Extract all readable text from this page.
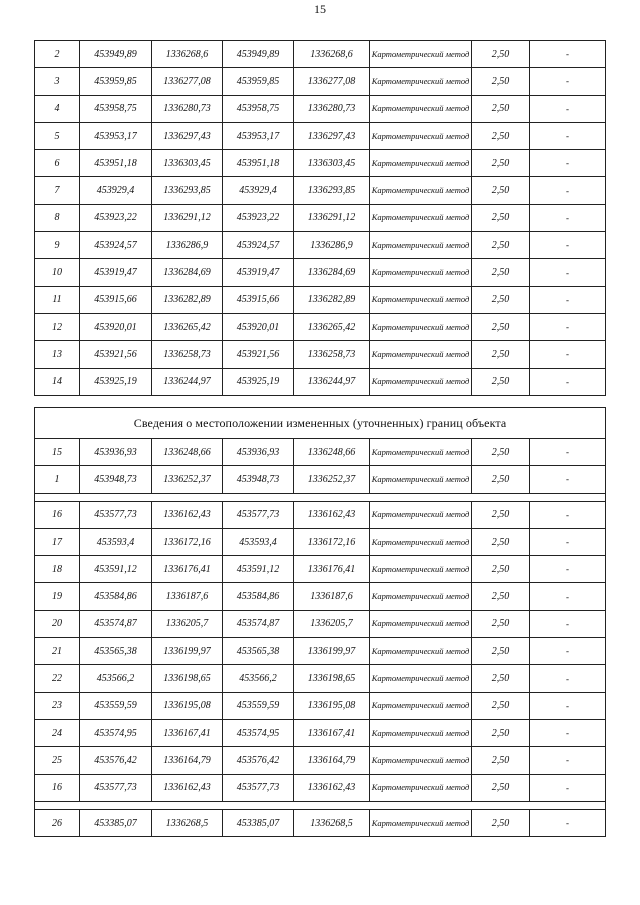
15
2	453949,89	1336268,6	453949,89	1336268,6	Картометрический метод	2,50	-
3	453959,85	1336277,08	453959,85	1336277,08	Картометрический метод	2,50	-
4	453958,75	1336280,73	453958,75	1336280,73	Картометрический метод	2,50	-
5	453953,17	1336297,43	453953,17	1336297,43	Картометрический метод	2,50	-
6	453951,18	1336303,45	453951,18	1336303,45	Картометрический метод	2,50	-
7	453929,4	1336293,85	453929,4	1336293,85	Картометрический метод	2,50	-
8	453923,22	1336291,12	453923,22	1336291,12	Картометрический метод	2,50	-
9	453924,57	1336286,9	453924,57	1336286,9	Картометрический метод	2,50	-
10	453919,47	1336284,69	453919,47	1336284,69	Картометрический метод	2,50	-
11	453915,66	1336282,89	453915,66	1336282,89	Картометрический метод	2,50	-
12	453920,01	1336265,42	453920,01	1336265,42	Картометрический метод	2,50	-
13	453921,56	1336258,73	453921,56	1336258,73	Картометрический метод	2,50	-
14	453925,19	1336244,97	453925,19	1336244,97	Картометрический метод	2,50	-
Сведения о местоположении измененных (уточненных) границ объекта							
15	453936,93	1336248,66	453936,93	1336248,66	Картометрический метод	2,50	-
1	453948,73	1336252,37	453948,73	1336252,37	Картометрический метод	2,50	-

16	453577,73	1336162,43	453577,73	1336162,43	Картометрический метод	2,50	-
17	453593,4	1336172,16	453593,4	1336172,16	Картометрический метод	2,50	-
18	453591,12	1336176,41	453591,12	1336176,41	Картометрический метод	2,50	-
19	453584,86	1336187,6	453584,86	1336187,6	Картометрический метод	2,50	-
20	453574,87	1336205,7	453574,87	1336205,7	Картометрический метод	2,50	-
21	453565,38	1336199,97	453565,38	1336199,97	Картометрический метод	2,50	-
22	453566,2	1336198,65	453566,2	1336198,65	Картометрический метод	2,50	-
23	453559,59	1336195,08	453559,59	1336195,08	Картометрический метод	2,50	-
24	453574,95	1336167,41	453574,95	1336167,41	Картометрический метод	2,50	-
25	453576,42	1336164,79	453576,42	1336164,79	Картометрический метод	2,50	-
16	453577,73	1336162,43	453577,73	1336162,43	Картометрический метод	2,50	-

26	453385,07	1336268,5	453385,07	1336268,5	Картометрический метод	2,50	-
